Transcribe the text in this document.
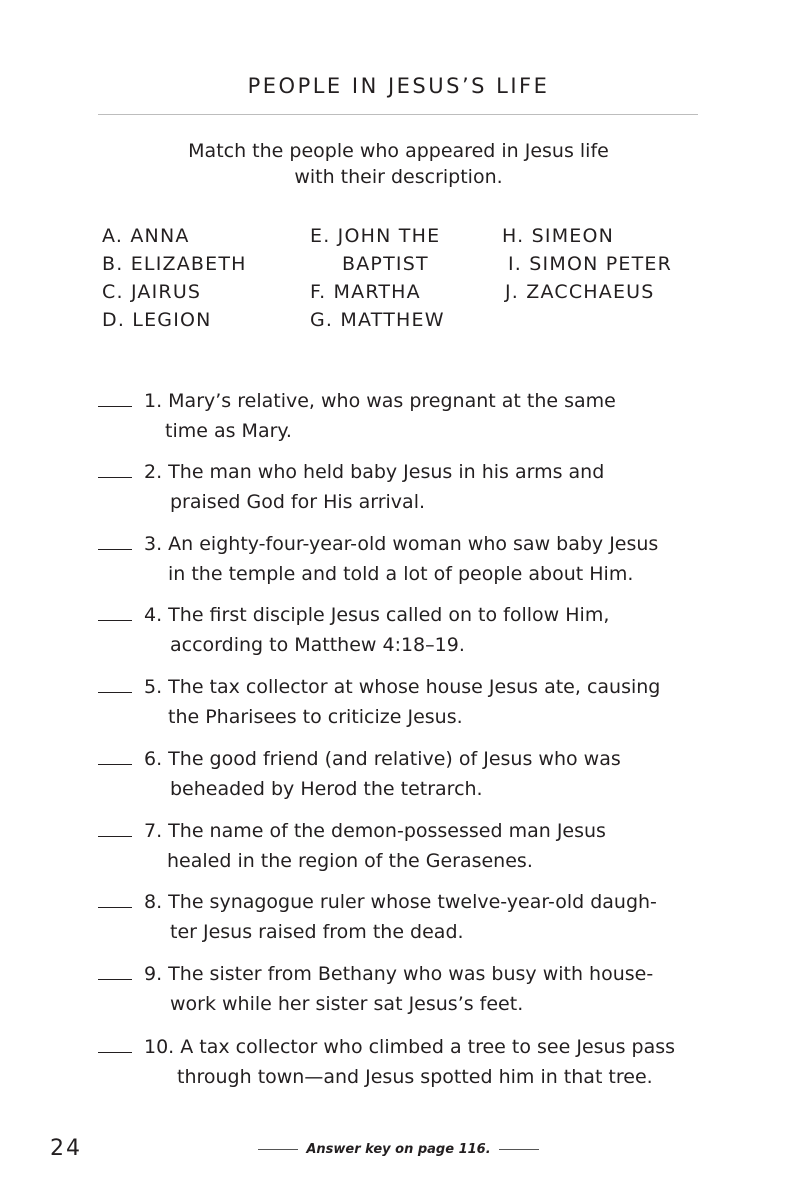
PEOPLE IN JESUS’S LIFE
Match the people who appeared in Jesus life
with their description.
A. ANNA
B. ELIZABETH
C. JAIRUS
D. LEGION
E. JOHN THE
BAPTIST
F. MARTHA
G. MATTHEW
H. SIMEON
I. SIMON PETER
J. ZACCHAEUS
1. Mary’s relative, who was pregnant at the same
time as Mary.
2. The man who held baby Jesus in his arms and
praised God for His arrival.
3. An eighty-four-year-old woman who saw baby Jesus
in the temple and told a lot of people about Him.
4. The first disciple Jesus called on to follow Him,
according to Matthew 4:18–19.
5. The tax collector at whose house Jesus ate, causing
the Pharisees to criticize Jesus.
6. The good friend (and relative) of Jesus who was
beheaded by Herod the tetrarch.
7. The name of the demon-possessed man Jesus
healed in the region of the Gerasenes.
8. The synagogue ruler whose twelve-year-old daugh-
ter Jesus raised from the dead.
9. The sister from Bethany who was busy with house-
work while her sister sat Jesus’s feet.
10. A tax collector who climbed a tree to see Jesus pass
through town—and Jesus spotted him in that tree.
24	Answer key on page 116.
